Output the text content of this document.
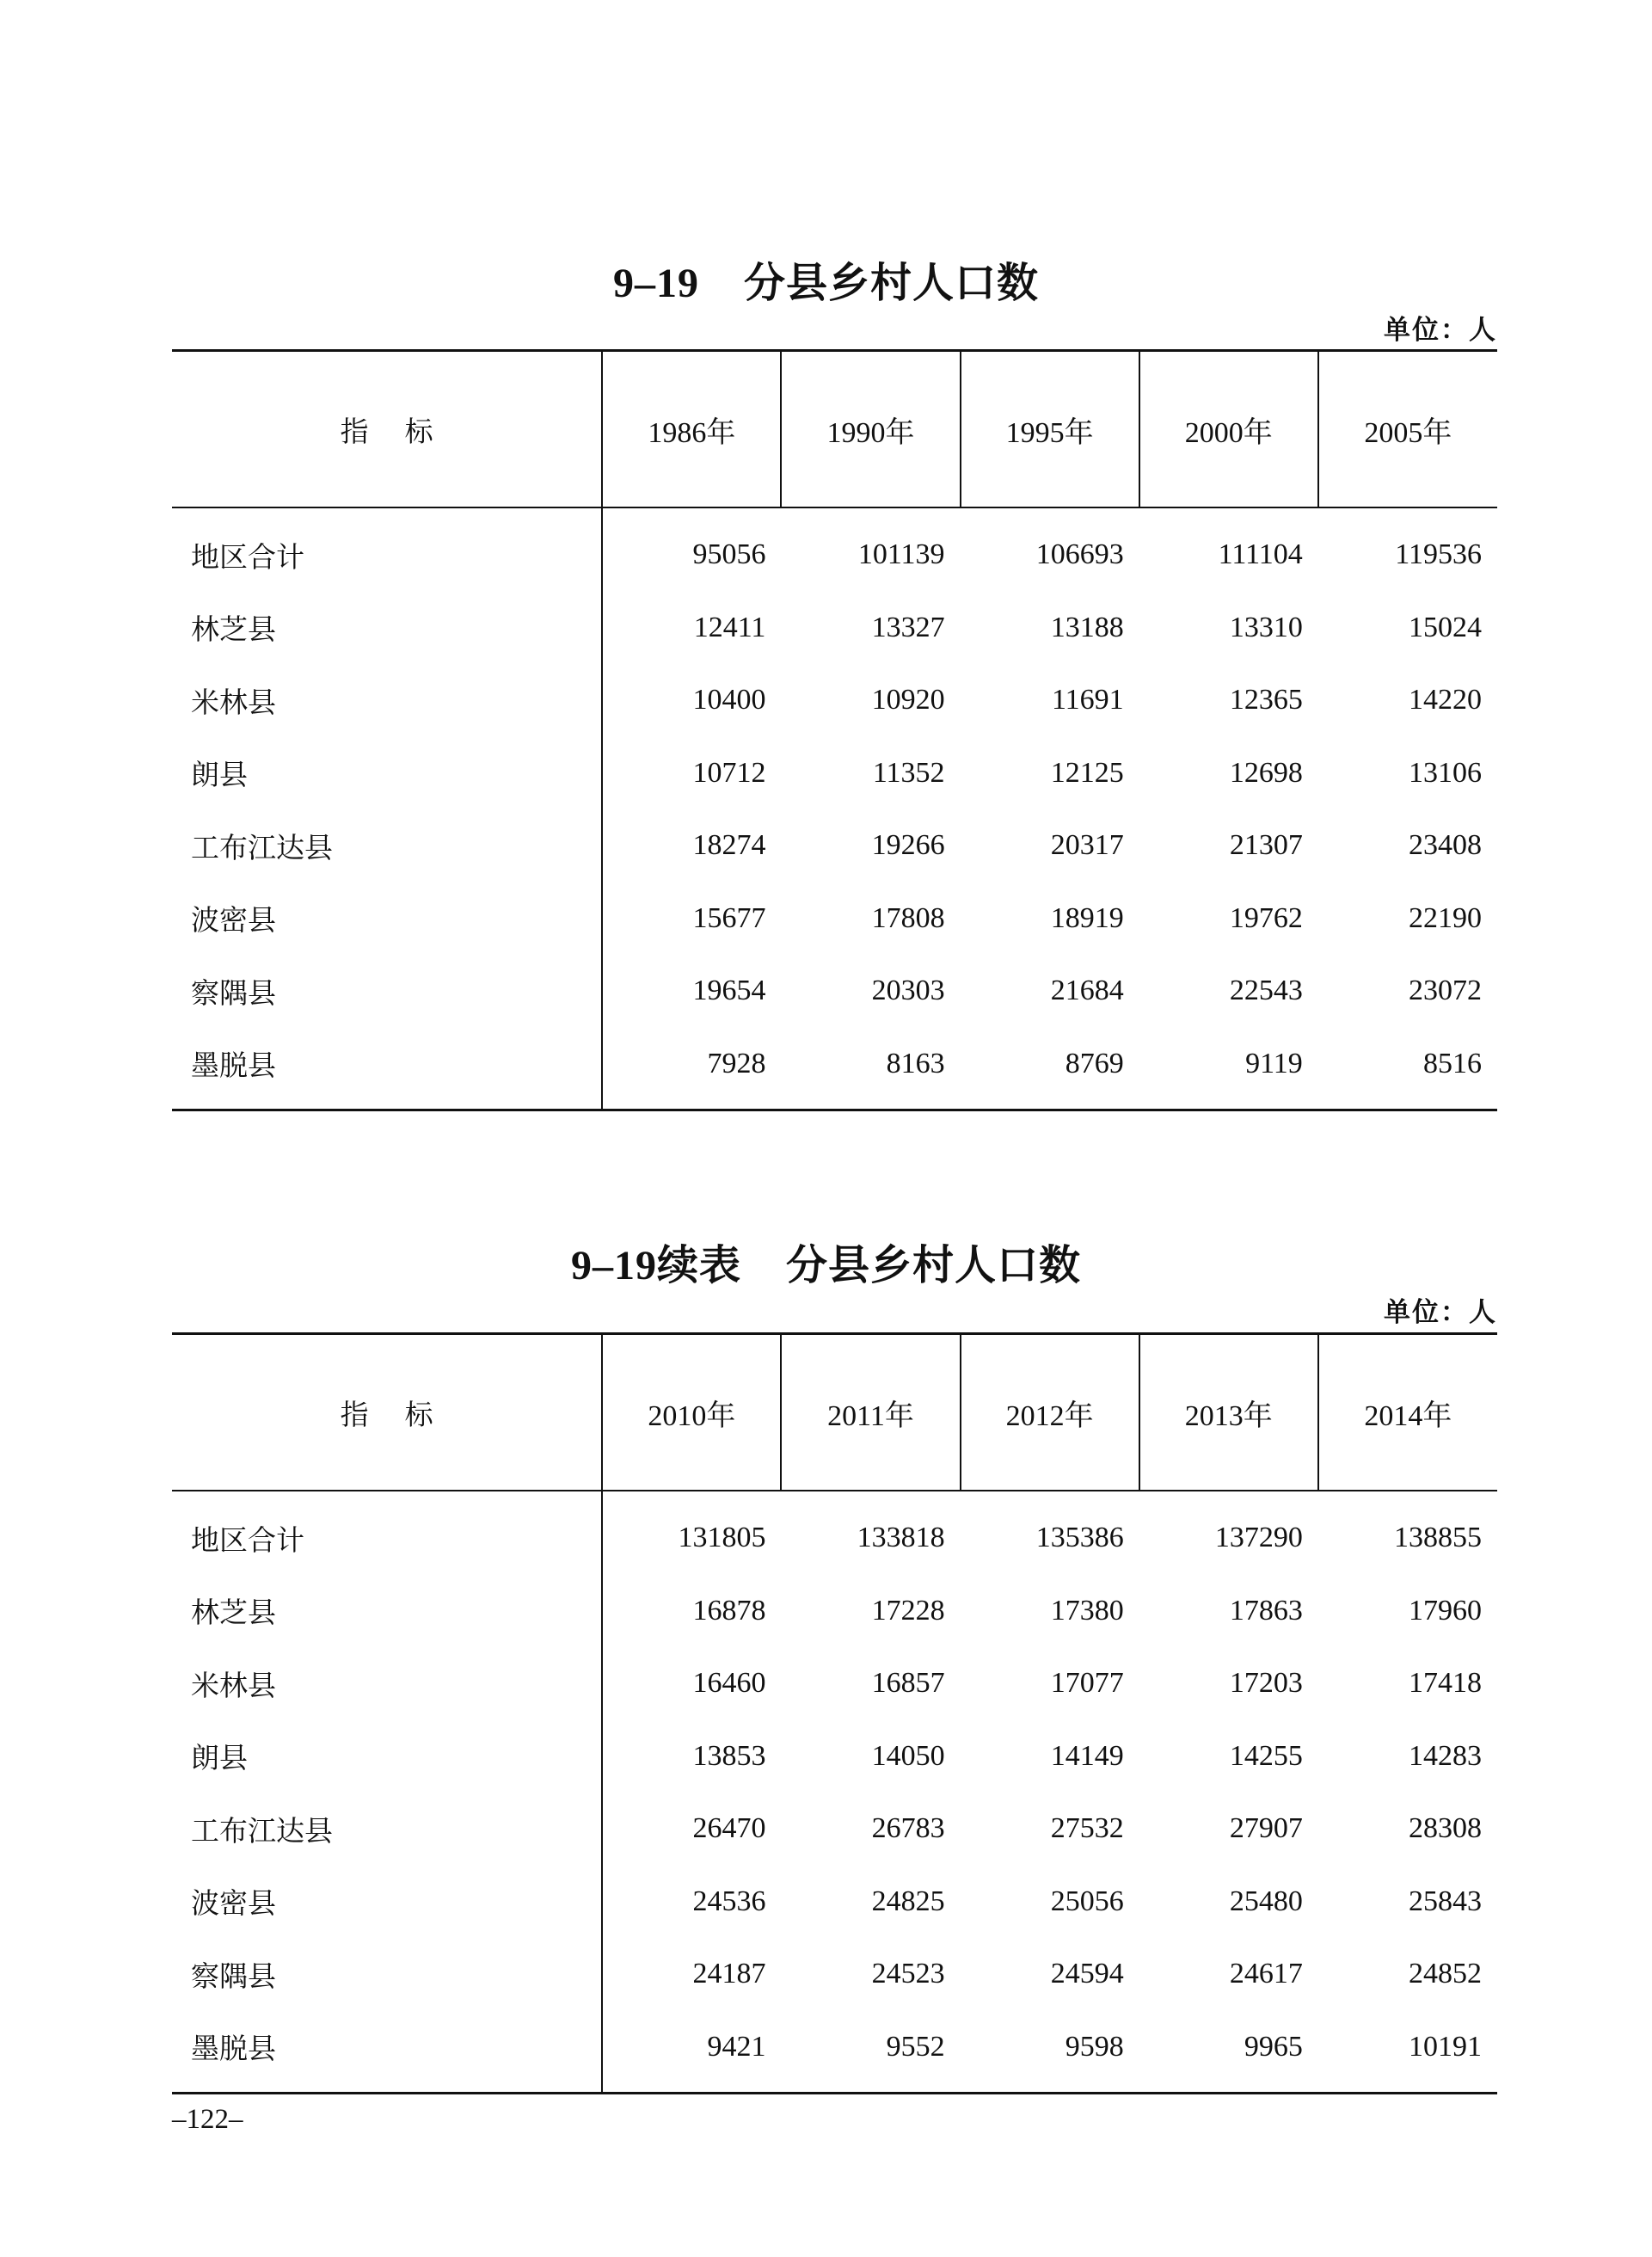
9–19 分县乡村人口数
单位：人
指标	1986年	1990年	1995年	2000年	2005年
地区合计	95056	101139	106693	111104	119536
林芝县	12411	13327	13188	13310	15024
米林县	10400	10920	11691	12365	14220
朗县	10712	11352	12125	12698	13106
工布江达县	18274	19266	20317	21307	23408
波密县	15677	17808	18919	19762	22190
察隅县	19654	20303	21684	22543	23072
墨脱县	7928	8163	8769	9119	8516
9–19续表 分县乡村人口数
单位：人
指标	2010年	2011年	2012年	2013年	2014年
地区合计	131805	133818	135386	137290	138855
林芝县	16878	17228	17380	17863	17960
米林县	16460	16857	17077	17203	17418
朗县	13853	14050	14149	14255	14283
工布江达县	26470	26783	27532	27907	28308
波密县	24536	24825	25056	25480	25843
察隅县	24187	24523	24594	24617	24852
墨脱县	9421	9552	9598	9965	10191
–122–
